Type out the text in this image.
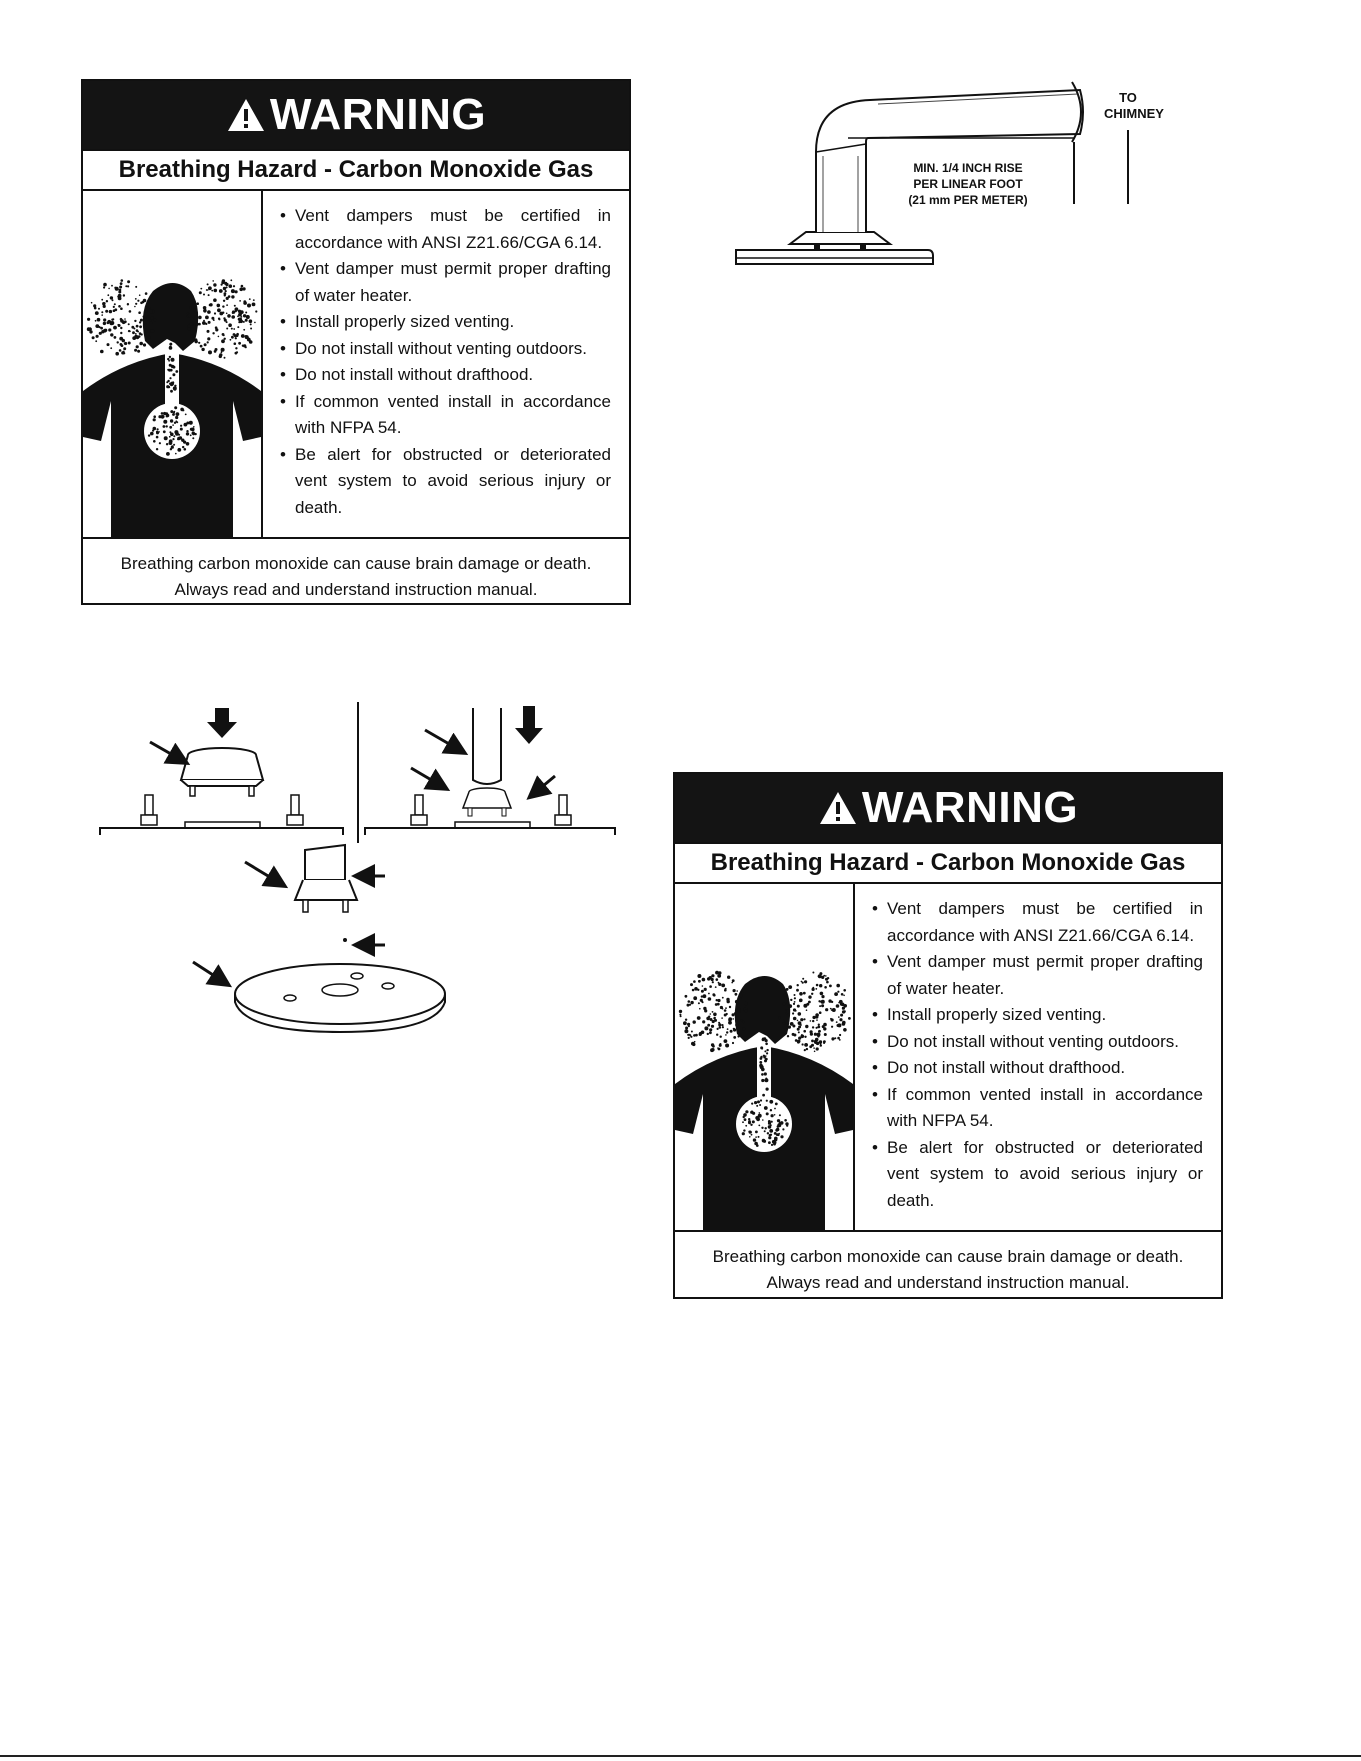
WARNING
Breathing Hazard - Carbon Monoxide Gas
• Vent dampers must be certified in accordance with ANSI Z21.66/CGA 6.14.
• Vent damper must permit proper drafting of water heater.
• Install properly sized venting.
• Do not install without venting outdoors.
• Do not install without drafthood.
• If common vented install in accordance with NFPA 54.
• Be alert for obstructed or deteriorated vent system to avoid serious injury or death.
Breathing carbon monoxide can cause brain damage or death.
Always read and understand instruction manual.
WARNING
Breathing Hazard - Carbon Monoxide Gas
• Vent dampers must be certified in accordance with ANSI Z21.66/CGA 6.14.
• Vent damper must permit proper drafting of water heater.
• Install properly sized venting.
• Do not install without venting outdoors.
• Do not install without drafthood.
• If common vented install in accordance with NFPA 54.
• Be alert for obstructed or deteriorated vent system to avoid serious injury or death.
Breathing carbon monoxide can cause brain damage or death.
Always read and understand instruction manual.
TO
CHIMNEY
MIN. 1/4 INCH RISE
PER LINEAR FOOT
(21 mm PER METER)
